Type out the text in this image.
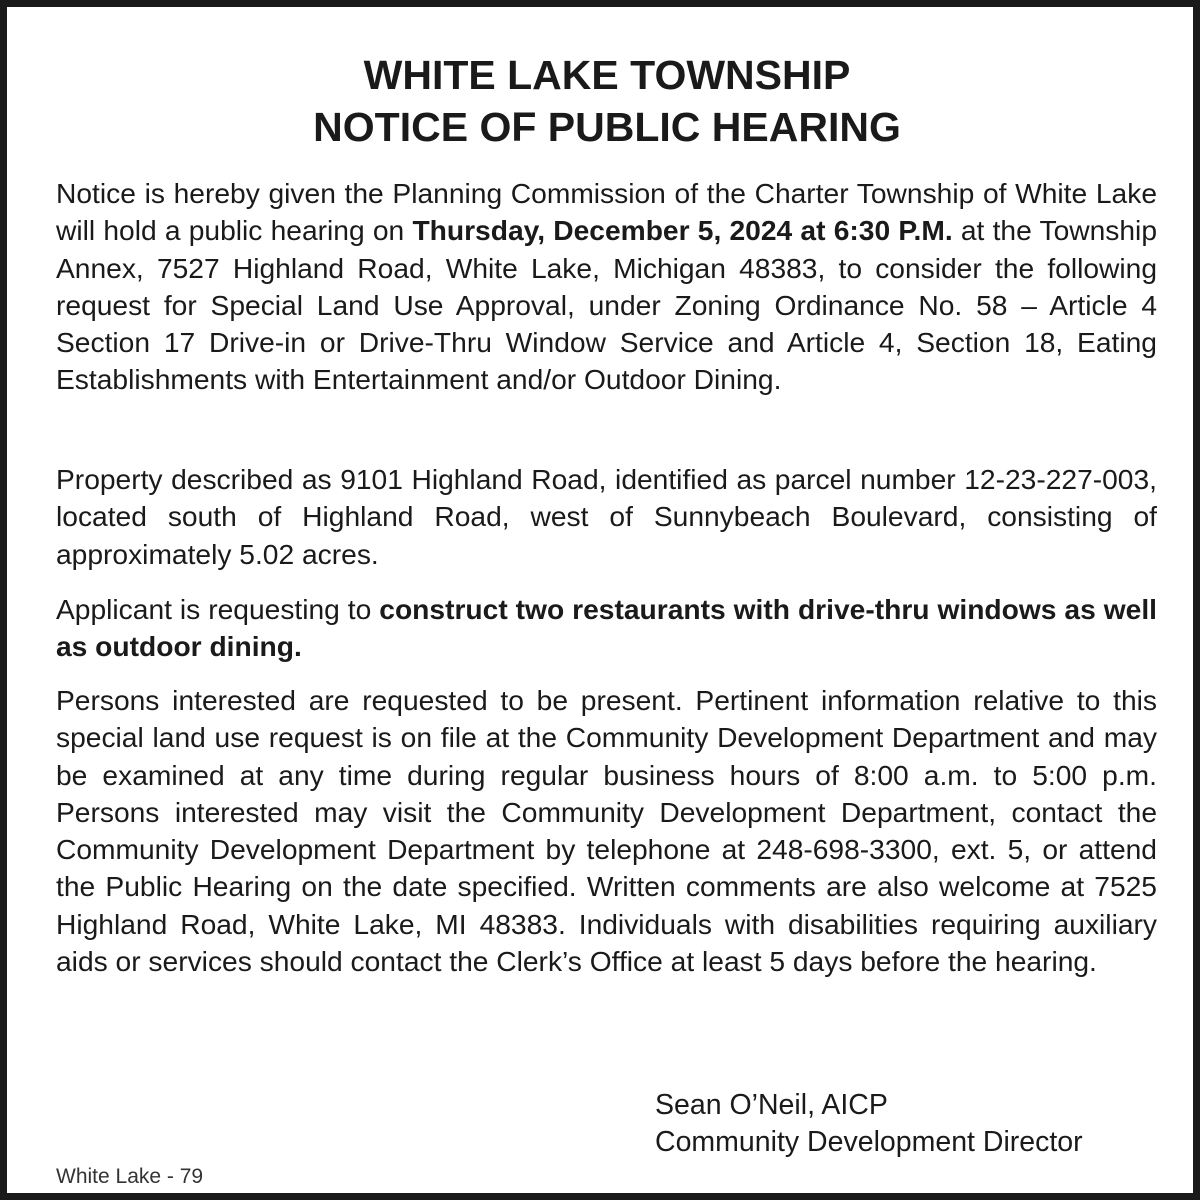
WHITE LAKE TOWNSHIP
NOTICE OF PUBLIC HEARING

Notice is hereby given the Planning Commission of the Charter Township of White Lake will hold a public hearing on Thursday, December 5, 2024 at 6:30 P.M. at the Township Annex, 7527 Highland Road, White Lake, Michigan 48383, to consider the following request for Special Land Use Approval, under Zoning Ordinance No. 58 – Article 4 Section 17 Drive-in or Drive-Thru Window Service and Article 4, Section 18, Eating Establishments with Entertainment and/or Outdoor Dining.

Property described as 9101 Highland Road, identified as parcel number 12-23-227-003, located south of Highland Road, west of Sunnybeach Boulevard, consisting of approximately 5.02 acres.

Applicant is requesting to construct two restaurants with drive-thru windows as well as outdoor dining.

Persons interested are requested to be present. Pertinent information relative to this special land use request is on file at the Community Development Department and may be examined at any time during regular business hours of 8:00 a.m. to 5:00 p.m. Persons interested may visit the Community Development Department, contact the Community Development Department by telephone at 248-698-3300, ext. 5, or attend the Public Hearing on the date specified. Written comments are also welcome at 7525 Highland Road, White Lake, MI 48383. Individuals with disabilities requiring auxiliary aids or services should contact the Clerk’s Office at least 5 days before the hearing.

Sean O’Neil, AICP
Community Development Director
White Lake - 79
